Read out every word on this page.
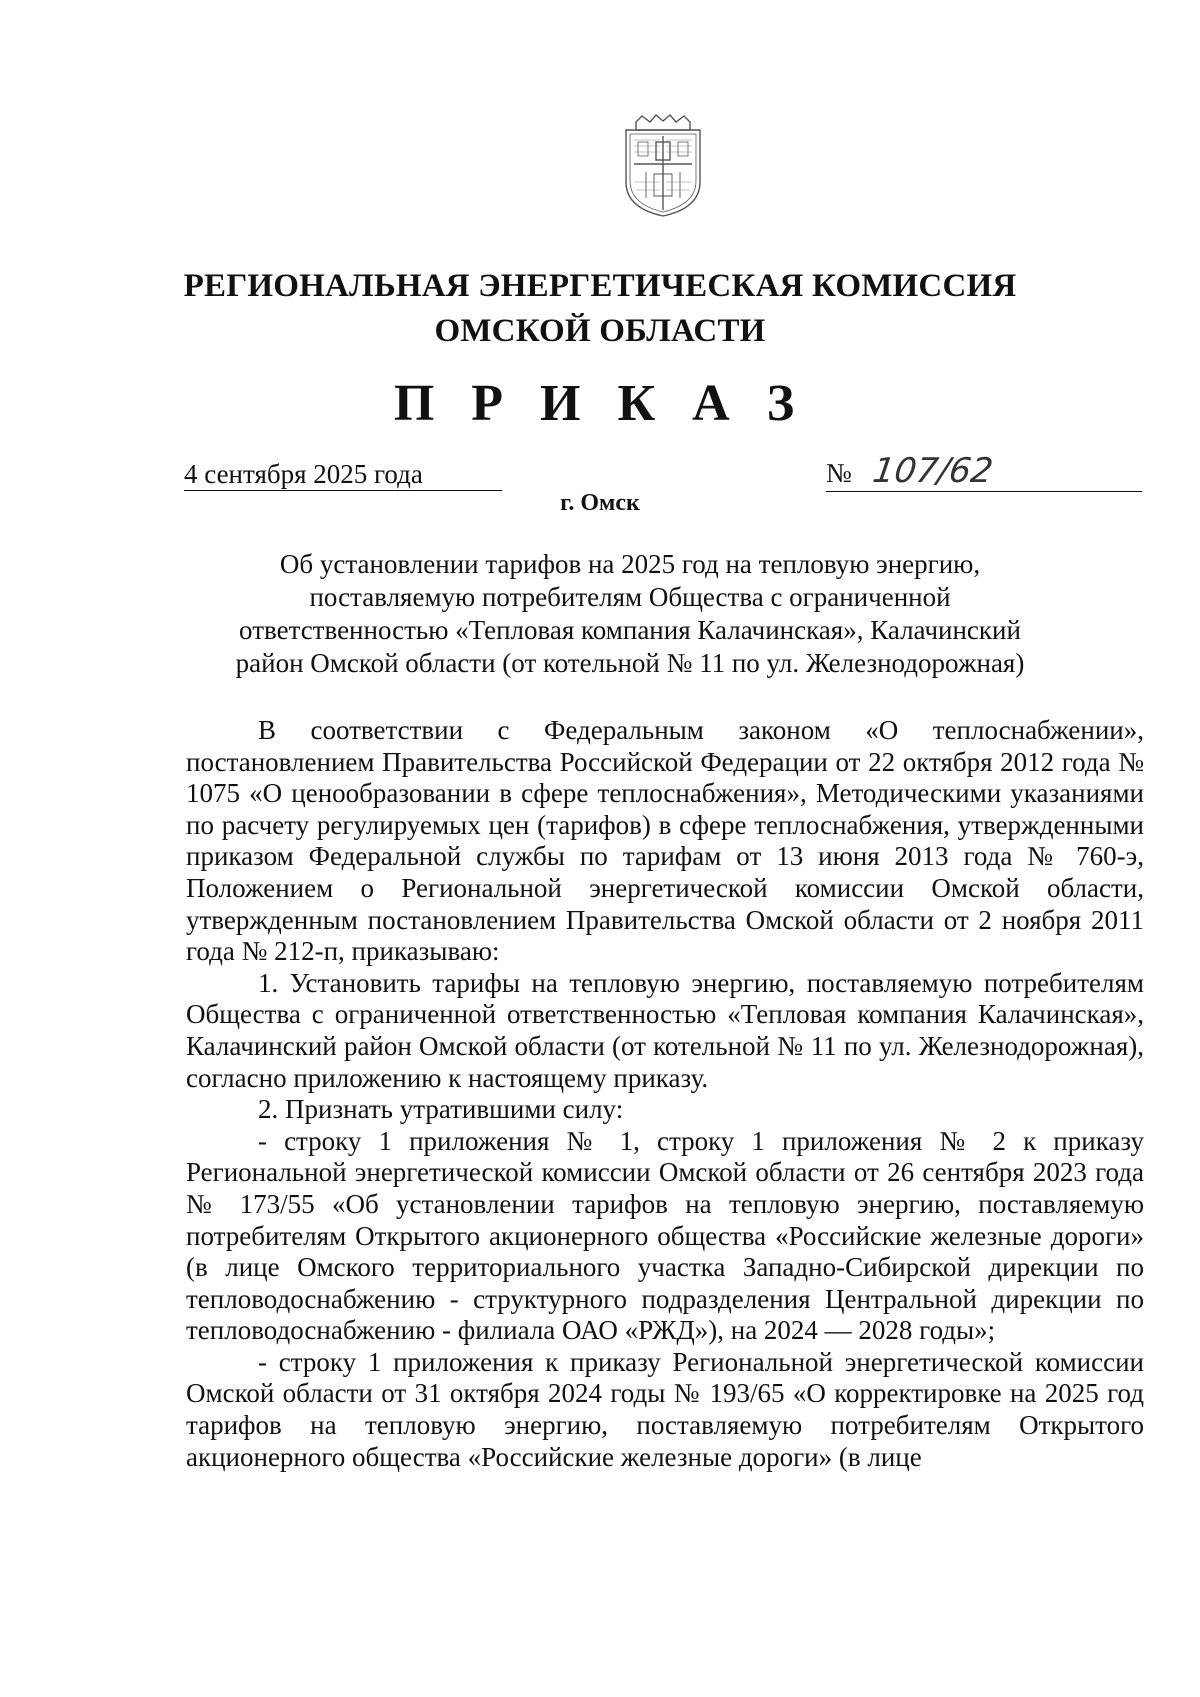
РЕГИОНАЛЬНАЯ ЭНЕРГЕТИЧЕСКАЯ КОМИССИЯ
ОМСКОЙ ОБЛАСТИ
П Р И К А З
4 сентября 2025 года	№ 107/62
г. Омск
Об установлении тарифов на 2025 год на тепловую энергию,
поставляемую потребителям Общества с ограниченной
ответственностью «Тепловая компания Калачинская», Калачинский
район Омской области (от котельной № 11 по ул. Железнодорожная)

В соответствии с Федеральным законом «О теплоснабжении», постановлением Правительства Российской Федерации от 22 октября 2012 года № 1075 «О ценообразовании в сфере теплоснабжения», Методическими указаниями по расчету регулируемых цен (тарифов) в сфере теплоснабжения, утвержденными приказом Федеральной службы по тарифам от 13 июня 2013 года № 760-э, Положением о Региональной энергетической комиссии Омской области, утвержденным постановлением Правительства Омской области от 2 ноября 2011 года № 212-п, приказываю:

1. Установить тарифы на тепловую энергию, поставляемую потребителям Общества с ограниченной ответственностью «Тепловая компания Калачинская», Калачинский район Омской области (от котельной № 11 по ул. Железнодорожная), согласно приложению к настоящему приказу.

2. Признать утратившими силу:

- строку 1 приложения № 1, строку 1 приложения № 2 к приказу Региональной энергетической комиссии Омской области от 26 сентября 2023 года № 173/55 «Об установлении тарифов на тепловую энергию, поставляемую потребителям Открытого акционерного общества «Российские железные дороги» (в лице Омского территориального участка Западно-Сибирской дирекции по тепловодоснабжению - структурного подразделения Центральной дирекции по тепловодоснабжению - филиала ОАО «РЖД»), на 2024 — 2028 годы»;

- строку 1 приложения к приказу Региональной энергетической комиссии Омской области от 31 октября 2024 годы № 193/65 «О корректировке на 2025 год тарифов на тепловую энергию, поставляемую потребителям Открытого акционерного общества «Российские железные дороги» (в лице
